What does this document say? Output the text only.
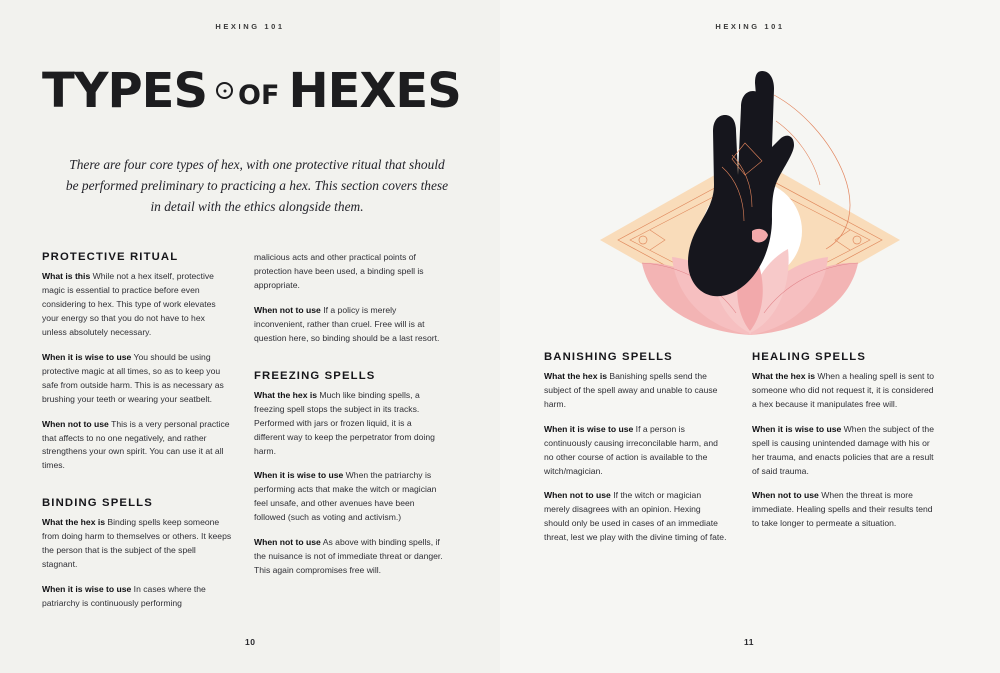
HEXING 101
TYPES OF HEXES

There are four core types of hex, with one protective ritual that should be performed preliminary to practicing a hex. This section covers these in detail with the ethics alongside them.

PROTECTIVE RITUAL

What is this While not a hex itself, protective magic is essential to practice before even considering to hex. This type of work elevates your energy so that you do not have to hex unless absolutely necessary.

When it is wise to use You should be using protective magic at all times, so as to keep you safe from outside harm. This is as necessary as brushing your teeth or wearing your seatbelt.

When not to use This is a very personal practice that affects to no one negatively, and rather strengthens your own spirit. You can use it at all times.

BINDING SPELLS

What the hex is Binding spells keep someone from doing harm to themselves or others. It keeps the person that is the subject of the spell stagnant.

When it is wise to use In cases where the patriarchy is continuously performing

malicious acts and other practical points of protection have been used, a binding spell is appropriate.

When not to use If a policy is merely inconvenient, rather than cruel. Free will is at question here, so binding should be a last resort.

FREEZING SPELLS

What the hex is Much like binding spells, a freezing spell stops the subject in its tracks. Performed with jars or frozen liquid, it is a different way to keep the perpetrator from doing harm.

When it is wise to use When the patriarchy is performing acts that make the witch or magician feel unsafe, and other avenues have been followed (such as voting and activism.)

When not to use As above with binding spells, if the nuisance is not of immediate threat or danger. This again compromises free will.

10
HEXING 101
BANISHING SPELLS

What the hex is Banishing spells send the subject of the spell away and unable to cause harm.

When it is wise to use If a person is continuously causing irreconcilable harm, and no other course of action is available to the witch/magician.

When not to use If the witch or magician merely disagrees with an opinion. Hexing should only be used in cases of an immediate threat, lest we play with the divine timing of fate.

HEALING SPELLS

What the hex is When a healing spell is sent to someone who did not request it, it is considered a hex because it manipulates free will.

When it is wise to use When the subject of the spell is causing unintended damage with his or her trauma, and enacts policies that are a result of said trauma.

When not to use When the threat is more immediate. Healing spells and their results tend to take longer to permeate a situation.

11
